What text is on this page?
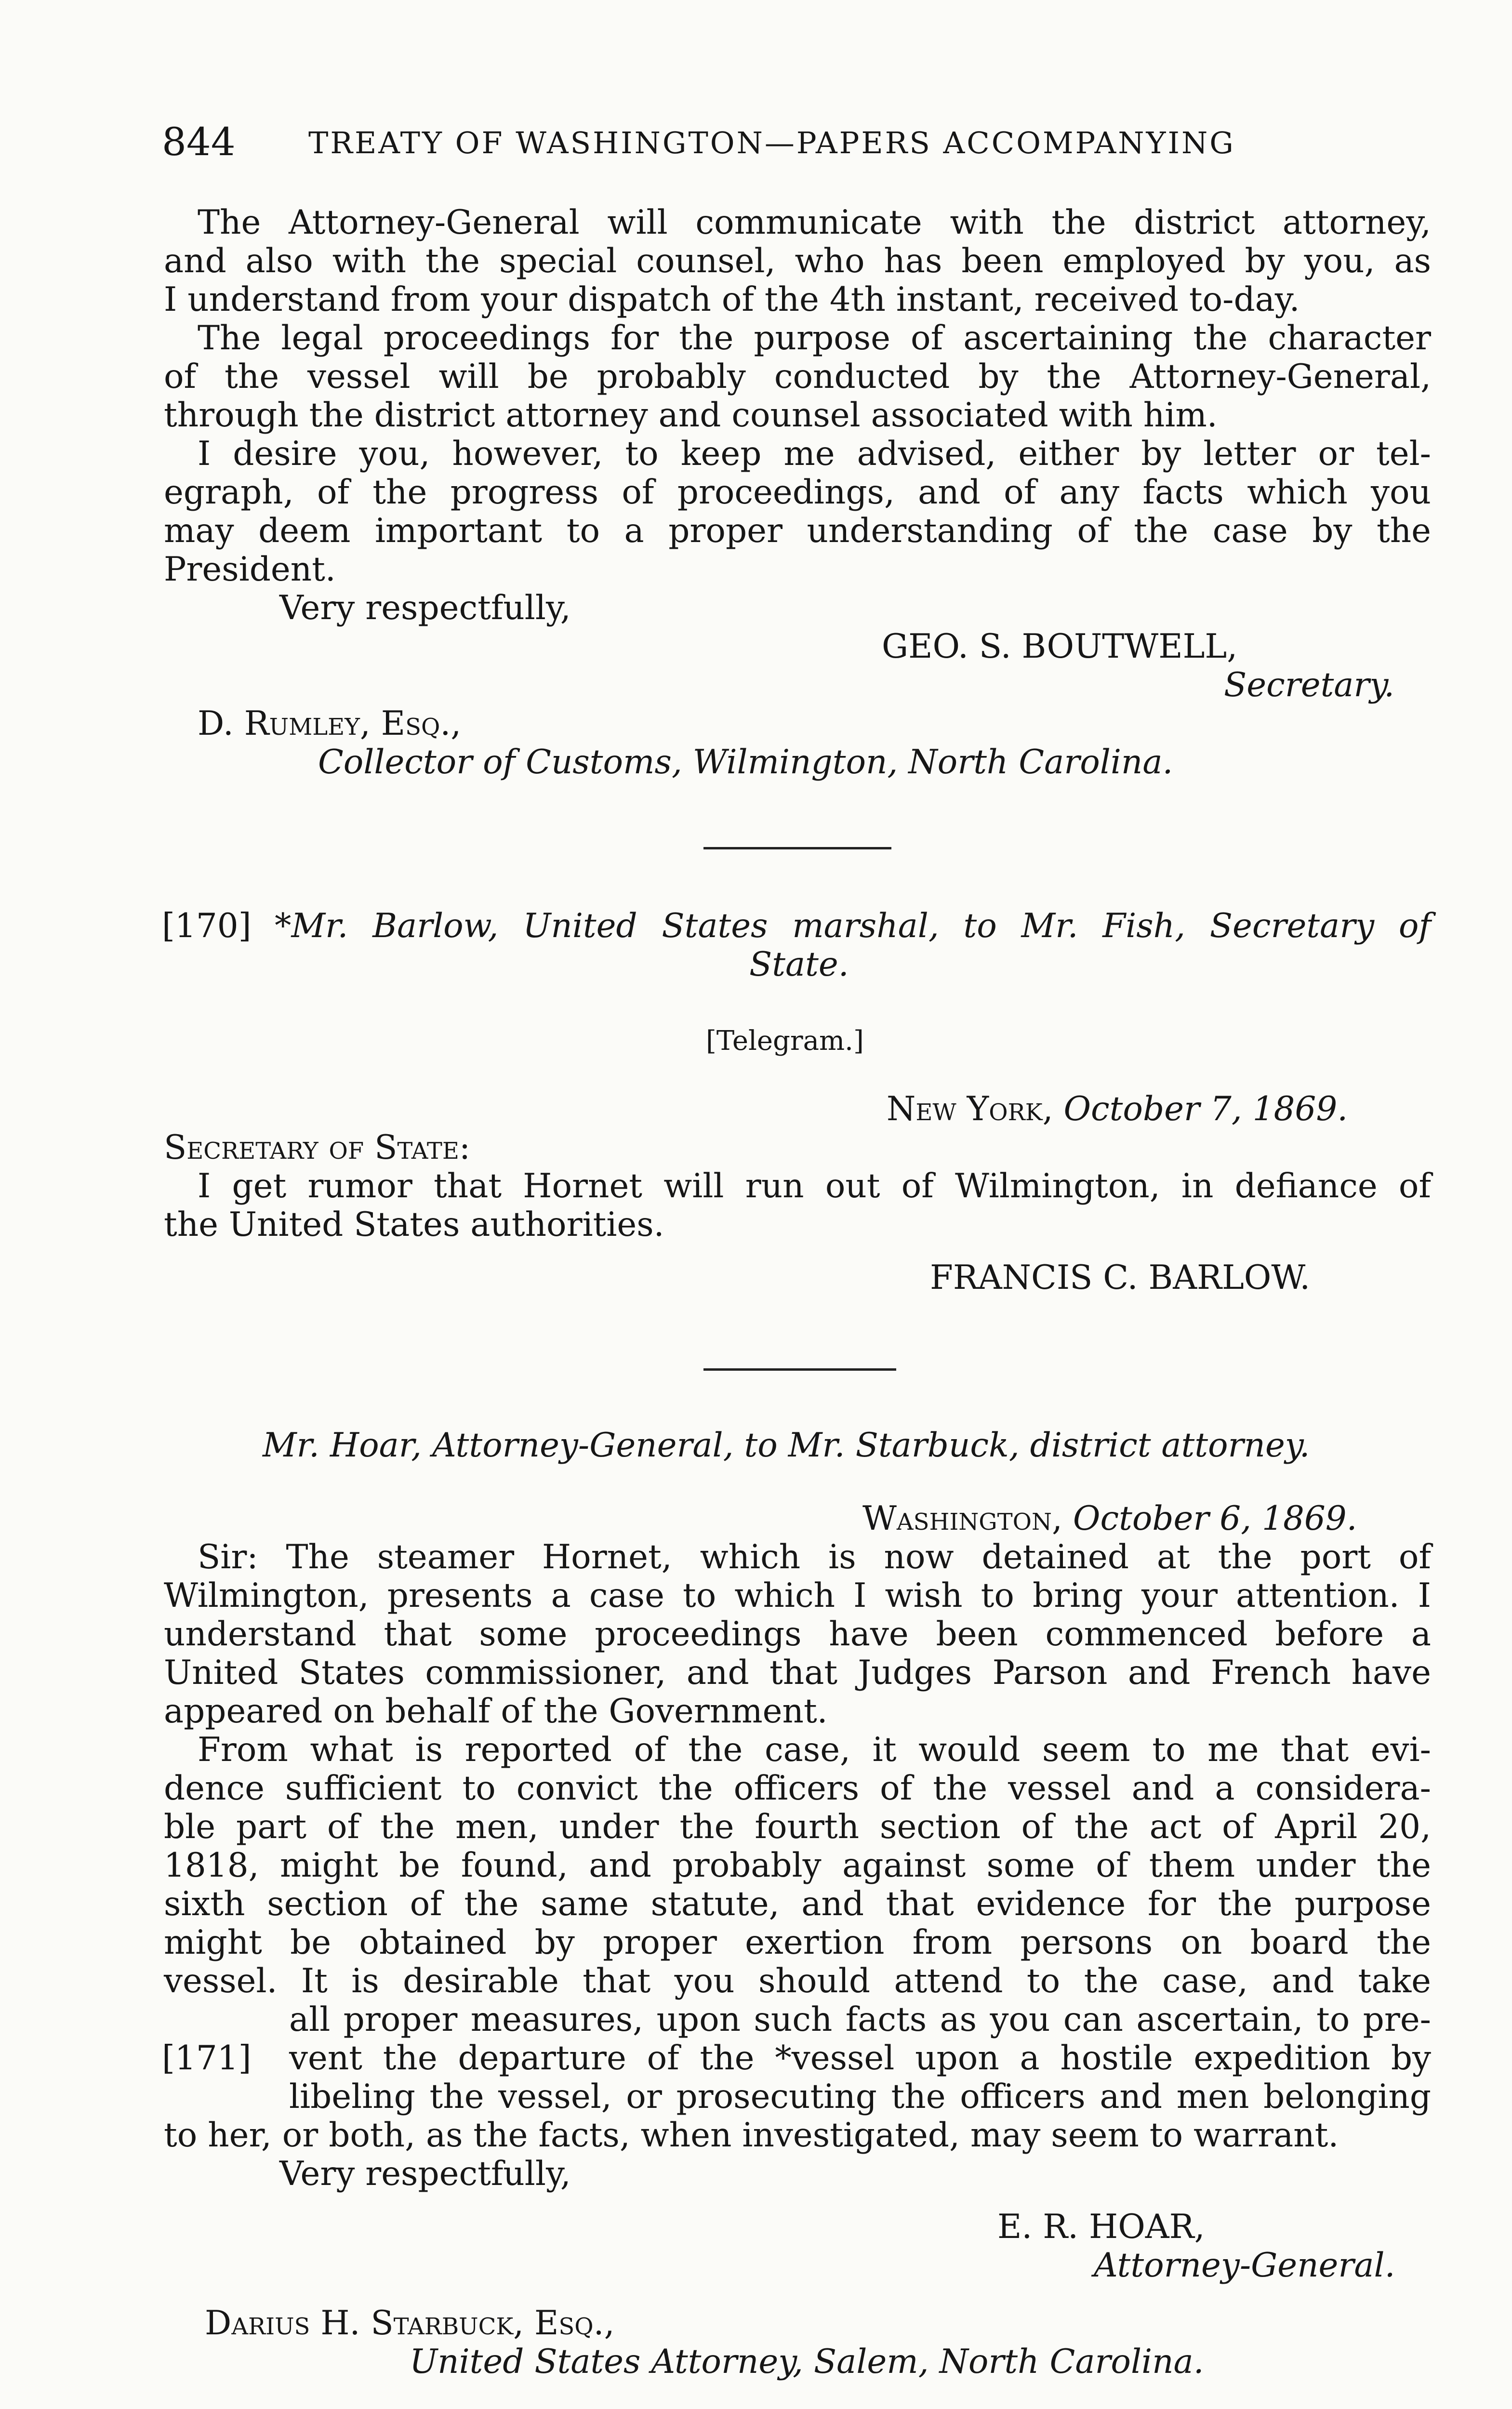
844 TREATY OF WASHINGTON—PAPERS ACCOMPANYING
The Attorney-General will communicate with the district attorney,
and also with the special counsel, who has been employed by you, as
I understand from your dispatch of the 4th instant, received to-day.
The legal proceedings for the purpose of ascertaining the character
of the vessel will be probably conducted by the Attorney-General,
through the district attorney and counsel associated with him.
I desire you, however, to keep me advised, either by letter or tel-
egraph, of the progress of proceedings, and of any facts which you
may deem important to a proper understanding of the case by the
President.
Very respectfully,
GEO. S. BOUTWELL,
Secretary.
D. Rumley, Esq.,
Collector of Customs, Wilmington, North Carolina.
[170] *Mr. Barlow, United States marshal, to Mr. Fish, Secretary of
State.
[Telegram.]
New York, October 7, 1869.
Secretary of State:
I get rumor that Hornet will run out of Wilmington, in defiance of
the United States authorities.
FRANCIS C. BARLOW.
Mr. Hoar, Attorney-General, to Mr. Starbuck, district attorney.
Washington, October 6, 1869.
Sir: The steamer Hornet, which is now detained at the port of
Wilmington, presents a case to which I wish to bring your attention. I
understand that some proceedings have been commenced before a
United States commissioner, and that Judges Parson and French have
appeared on behalf of the Government.
From what is reported of the case, it would seem to me that evi-
dence sufficient to convict the officers of the vessel and a considera-
ble part of the men, under the fourth section of the act of April 20,
1818, might be found, and probably against some of them under the
sixth section of the same statute, and that evidence for the purpose
might be obtained by proper exertion from persons on board the
vessel. It is desirable that you should attend to the case, and take
all proper measures, upon such facts as you can ascertain, to pre-
[171] vent the departure of the *vessel upon a hostile expedition by
libeling the vessel, or prosecuting the officers and men belonging
to her, or both, as the facts, when investigated, may seem to warrant.
Very respectfully,
E. R. HOAR,
Attorney-General.
Darius H. Starbuck, Esq.,
United States Attorney, Salem, North Carolina.
